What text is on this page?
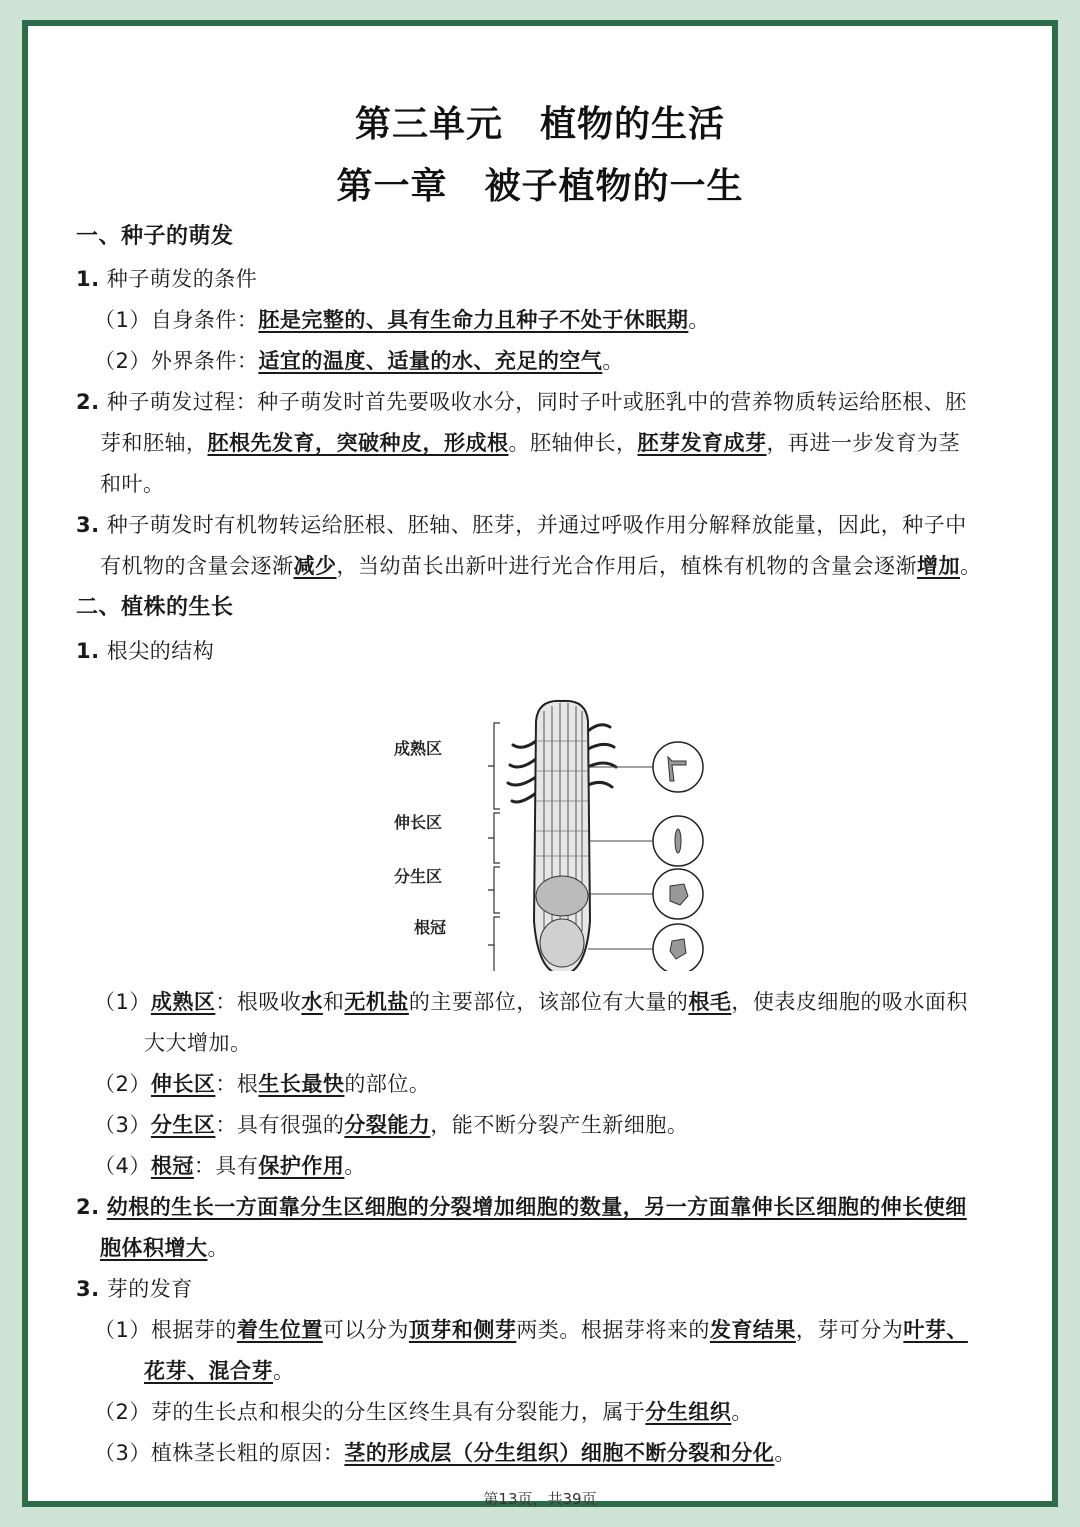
第三单元　植物的生活
第一章　被子植物的一生
一、种子的萌发
1. 种子萌发的条件
（1）自身条件：胚是完整的、具有生命力且种子不处于休眠期。
（2）外界条件：适宜的温度、适量的水、充足的空气。
2. 种子萌发过程：种子萌发时首先要吸收水分，同时子叶或胚乳中的营养物质转运给胚根、胚
芽和胚轴，胚根先发育，突破种皮，形成根。胚轴伸长，胚芽发育成芽，再进一步发育为茎
和叶。
3. 种子萌发时有机物转运给胚根、胚轴、胚芽，并通过呼吸作用分解释放能量，因此，种子中
有机物的含量会逐渐减少，当幼苗长出新叶进行光合作用后，植株有机物的含量会逐渐增加。
二、植株的生长
1. 根尖的结构
成熟区
伸长区
分生区
根冠
（1）成熟区：根吸收水和无机盐的主要部位，该部位有大量的根毛，使表皮细胞的吸水面积
大大增加。
（2）伸长区：根生长最快的部位。
（3）分生区：具有很强的分裂能力，能不断分裂产生新细胞。
（4）根冠：具有保护作用。
2. 幼根的生长一方面靠分生区细胞的分裂增加细胞的数量，另一方面靠伸长区细胞的伸长使细
胞体积增大。
3. 芽的发育
（1）根据芽的着生位置可以分为顶芽和侧芽两类。根据芽将来的发育结果，芽可分为叶芽、
花芽、混合芽。
（2）芽的生长点和根尖的分生区终生具有分裂能力，属于分生组织。
（3）植株茎长粗的原因：茎的形成层（分生组织）细胞不断分裂和分化。
第13页，共39页
